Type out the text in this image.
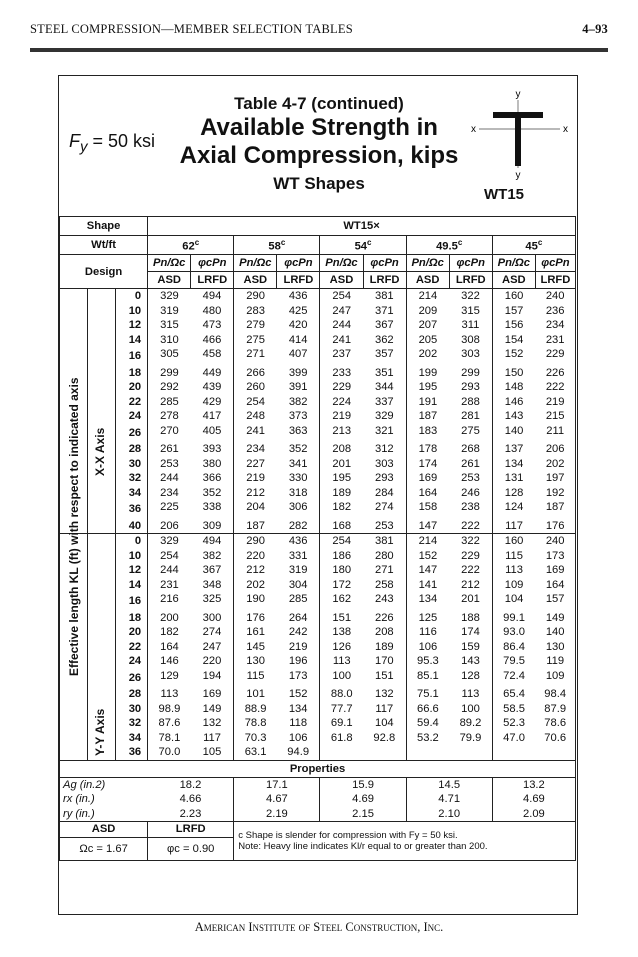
STEEL COMPRESSION—MEMBER SELECTION TABLES	4–93
$F_y = 50$ ksi
Table 4-7 (continued)
Available Strength in
Axial Compression, kips
WT Shapes
y
x	x
y
WT15
Shape			WT15×									
Wt/ft			62$^c$		58$^c$		54$^c$		49.5$^c$		45$^c$
Design			Pn/Ωc	φcPn	Pn/Ωc	φcPn	Pn/Ωc	φcPn	Pn/Ωc	φcPn	Pn/Ωc	φcPn
			ASD	LRFD	ASD	LRFD	ASD	LRFD	ASD	LRFD	ASD	LRFD
		0	329	494	290	436	254	381	214	322	160	240
		10	319	480	283	425	247	371	209	315	157	236
		12	315	473	279	420	244	367	207	311	156	234
		14	310	466	275	414	241	362	205	308	154	231
		16	305	458	271	407	237	357	202	303	152	229
		18	299	449	266	399	233	351	199	299	150	226
		20	292	439	260	391	229	344	195	293	148	222
		22	285	429	254	382	224	337	191	288	146	219
		24	278	417	248	373	219	329	187	281	143	215
		26	270	405	241	363	213	321	183	275	140	211
		28	261	393	234	352	208	312	178	268	137	206
		30	253	380	227	341	201	303	174	261	134	202
		32	244	366	219	330	195	293	169	253	131	197
		34	234	352	212	318	189	284	164	246	128	192
		36	225	338	204	306	182	274	158	238	124	187
		40	206	309	187	282	168	253	147	222	117	176
		0	329	494	290	436	254	381	214	322	160	240
		10	254	382	220	331	186	280	152	229	115	173
		12	244	367	212	319	180	271	147	222	113	169
		14	231	348	202	304	172	258	141	212	109	164
		16	216	325	190	285	162	243	134	201	104	157
		18	200	300	176	264	151	226	125	188	99.1	149
		20	182	274	161	242	138	208	116	174	93.0	140
		22	164	247	145	219	126	189	106	159	86.4	130
		24	146	220	130	196	113	170	95.3	143	79.5	119
		26	129	194	115	173	100	151	85.1	128	72.4	109
		28	113	169	101	152	88.0	132	75.1	113	65.4	98.4
		30	98.9	149	88.9	134	77.7	117	66.6	100	58.5	87.9
		32	87.6	132	78.8	118	69.1	104	59.4	89.2	52.3	78.6
		34	78.1	117	70.3	106	61.8	92.8	53.2	79.9	47.0	70.6
		36	70.0	105	63.1	94.9						
Properties												
Ag (in.2)			18.2		17.1		15.9		14.5		13.2	
rx (in.)			4.66		4.67		4.69		4.71		4.69	
ry (in.)			2.23		2.19		2.15		2.10		2.09	
ASD			LRFD		c Shape is slender for compression with Fy = 50 ksi.
Note: Heavy line indicates Kl/r equal to or greater than 200.							

Ωc = 1.67			φc = 0.90									
Effective length KL (ft) with respect to indicated axis X-X Axis
Y-Y Axis
American Institute of Steel Construction, Inc.
